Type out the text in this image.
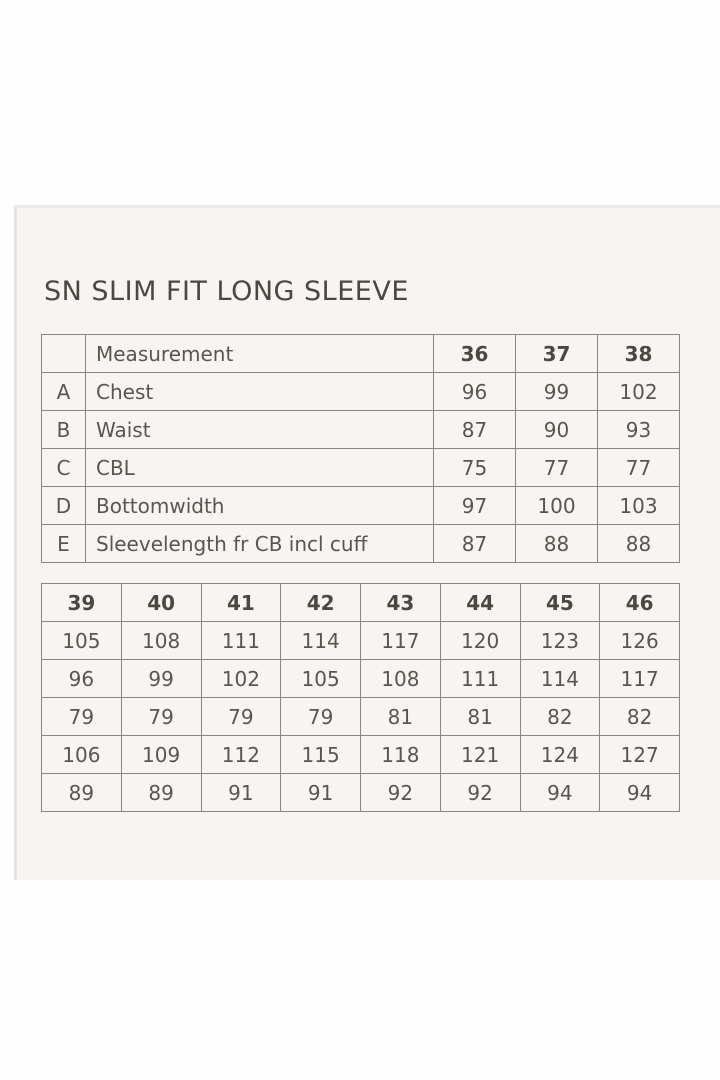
SN SLIM FIT LONG SLEEVE
	Measurement	36	37	38
A	Chest	96	99	102
B	Waist	87	90	93
C	CBL	75	77	77
D	Bottomwidth	97	100	103
E	Sleevelength fr CB incl cuff	87	88	88
39	40	41	42	43	44	45	46
105	108	111	114	117	120	123	126
96	99	102	105	108	111	114	117
79	79	79	79	81	81	82	82
106	109	112	115	118	121	124	127
89	89	91	91	92	92	94	94
